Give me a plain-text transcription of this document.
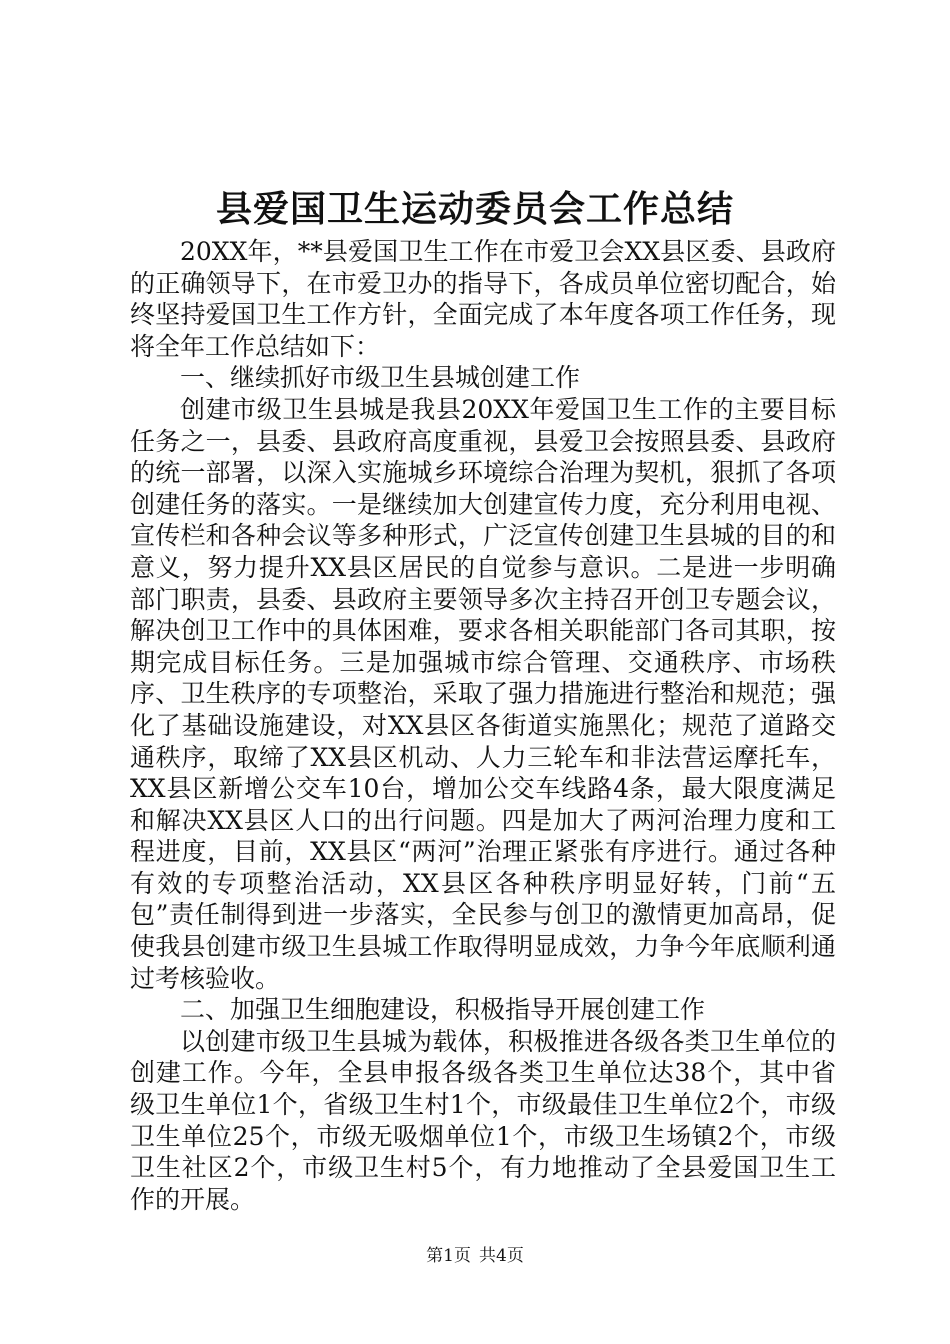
县爱国卫生运动委员会工作总结

20XX年，**县爱国卫生工作在市爱卫会XX县区委、县政府的正确领导下，在市爱卫办的指导下，各成员单位密切配合，始终坚持爱国卫生工作方针，全面完成了本年度各项工作任务，现将全年工作总结如下：

一、继续抓好市级卫生县城创建工作

创建市级卫生县城是我县20XX年爱国卫生工作的主要目标任务之一，县委、县政府高度重视，县爱卫会按照县委、县政府的统一部署，以深入实施城乡环境综合治理为契机，狠抓了各项创建任务的落实。一是继续加大创建宣传力度，充分利用电视、宣传栏和各种会议等多种形式，广泛宣传创建卫生县城的目的和意义，努力提升XX县区居民的自觉参与意识。二是进一步明确部门职责，县委、县政府主要领导多次主持召开创卫专题会议，解决创卫工作中的具体困难，要求各相关职能部门各司其职，按期完成目标任务。三是加强城市综合管理、交通秩序、市场秩序、卫生秩序的专项整治，采取了强力措施进行整治和规范；强化了基础设施建设，对XX县区各街道实施黑化；规范了道路交通秩序，取缔了XX县区机动、人力三轮车和非法营运摩托车，XX县区新增公交车10台，增加公交车线路4条，最大限度满足和解决XX县区人口的出行问题。四是加大了两河治理力度和工程进度，目前，XX县区“两河”治理正紧张有序进行。通过各种有效的专项整治活动，XX县区各种秩序明显好转，门前“五包”责任制得到进一步落实，全民参与创卫的激情更加高昂，促使我县创建市级卫生县城工作取得明显成效，力争今年底顺利通过考核验收。

二、加强卫生细胞建设，积极指导开展创建工作

以创建市级卫生县城为载体，积极推进各级各类卫生单位的创建工作。今年，全县申报各级各类卫生单位达38个，其中省级卫生单位1个，省级卫生村1个，市级最佳卫生单位2个，市级卫生单位25个，市级无吸烟单位1个，市级卫生场镇2个，市级卫生社区2个，市级卫生村5个，有力地推动了全县爱国卫生工作的开展。

第1页 共4页
